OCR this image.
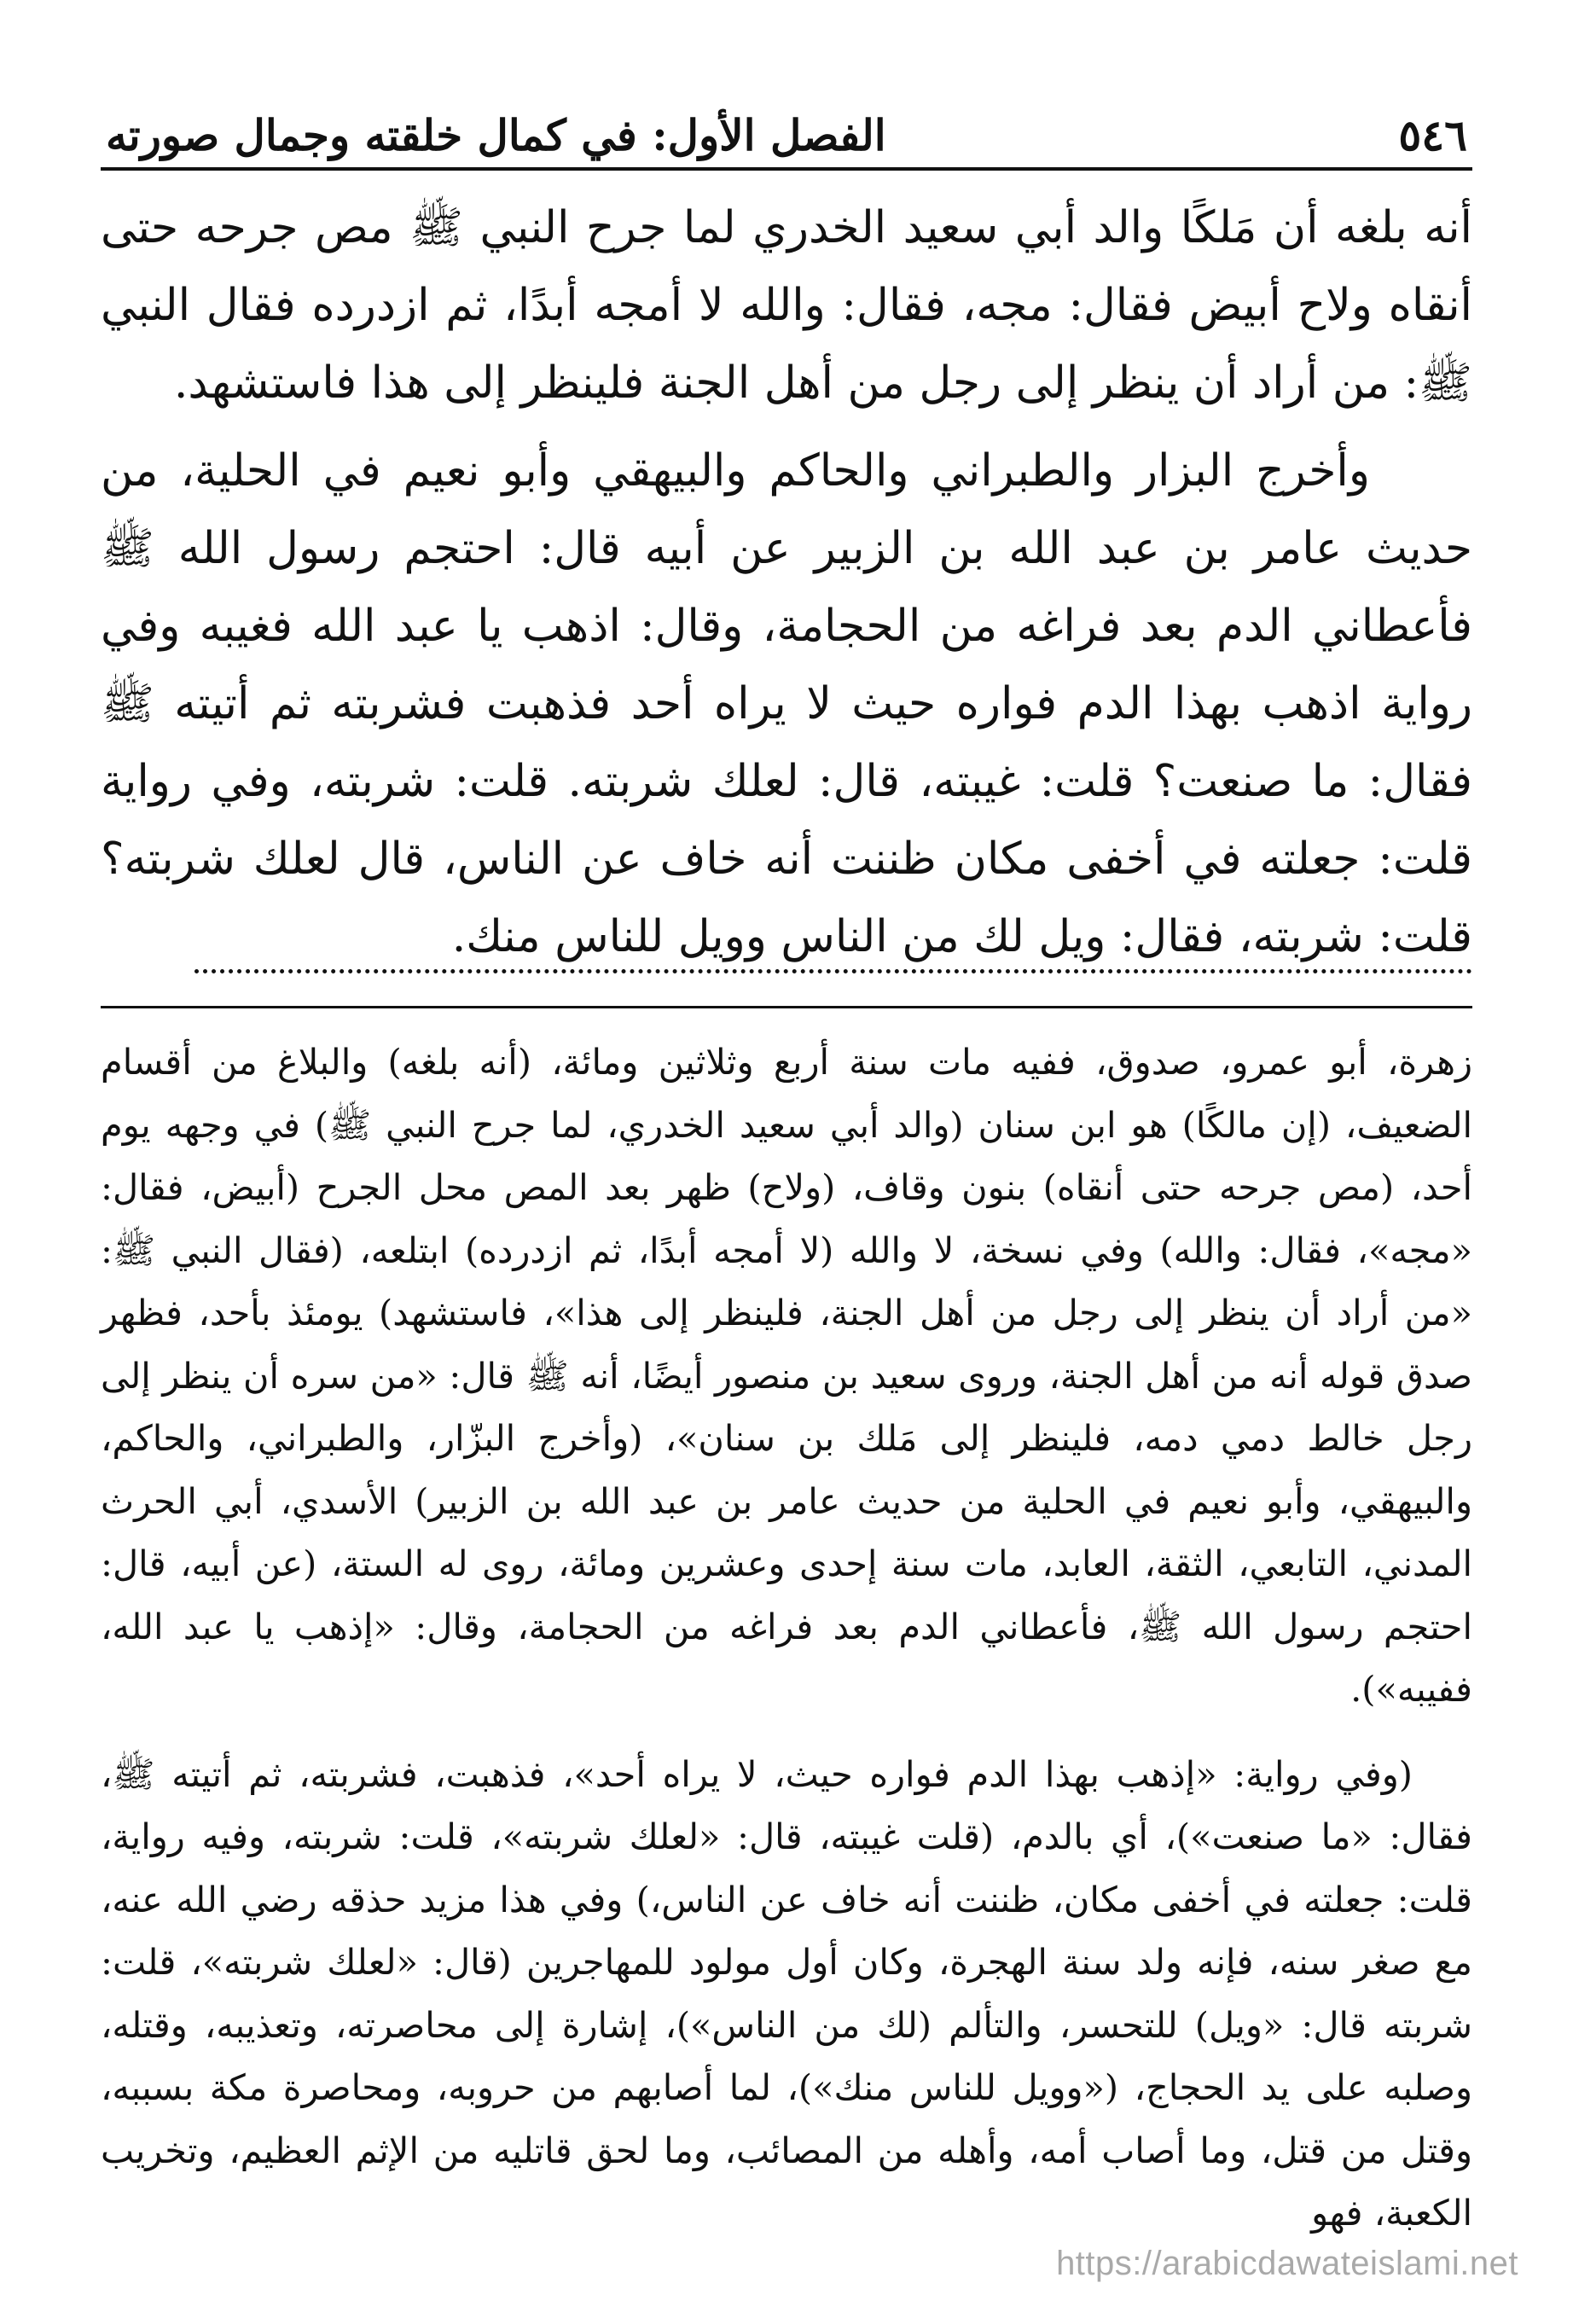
٥٤٦
الفصل الأول: في كمال خلقته وجمال صورته

أنه بلغه أن مَلكًا والد أبي سعيد الخدري لما جرح النبي ﷺ مص جرحه حتى أنقاه ولاح أبيض فقال: مجه، فقال: والله لا أمجه أبدًا، ثم ازدرده فقال النبي ﷺ: من أراد أن ينظر إلى رجل من أهل الجنة فلينظر إلى هذا فاستشهد.

وأخرج البزار والطبراني والحاكم والبيهقي وأبو نعيم في الحلية، من حديث عامر بن عبد الله بن الزبير عن أبيه قال: احتجم رسول الله ﷺ فأعطاني الدم بعد فراغه من الحجامة، وقال: اذهب يا عبد الله فغيبه وفي رواية اذهب بهذا الدم فواره حيث لا يراه أحد فذهبت فشربته ثم أتيته ﷺ فقال: ما صنعت؟ قلت: غيبته، قال: لعلك شربته. قلت: شربته، وفي رواية قلت: جعلته في أخفى مكان ظننت أنه خاف عن الناس، قال لعلك شربته؟ قلت: شربته، فقال: ويل لك من الناس وويل للناس منك.

زهرة، أبو عمرو، صدوق، ففيه مات سنة أربع وثلاثين ومائة، (أنه بلغه) والبلاغ من أقسام الضعيف، (إن مالكًا) هو ابن سنان (والد أبي سعيد الخدري، لما جرح النبي ﷺ) في وجهه يوم أحد، (مص جرحه حتى أنقاه) بنون وقاف، (ولاح) ظهر بعد المص محل الجرح (أبيض، فقال: «مجه»، فقال: والله) وفي نسخة، لا والله (لا أمجه أبدًا، ثم ازدرده) ابتلعه، (فقال النبي ﷺ: «من أراد أن ينظر إلى رجل من أهل الجنة، فلينظر إلى هذا»، فاستشهد) يومئذ بأحد، فظهر صدق قوله أنه من أهل الجنة، وروى سعيد بن منصور أيضًا، أنه ﷺ قال: «من سره أن ينظر إلى رجل خالط دمي دمه، فلينظر إلى مَلك بن سنان»، (وأخرج البزّار، والطبراني، والحاكم، والبيهقي، وأبو نعيم في الحلية من حديث عامر بن عبد الله بن الزبير) الأسدي، أبي الحرث المدني، التابعي، الثقة، العابد، مات سنة إحدى وعشرين ومائة، روى له الستة، (عن أبيه، قال: احتجم رسول الله ﷺ، فأعطاني الدم بعد فراغه من الحجامة، وقال: «إذهب يا عبد الله، ففيبه»).

(وفي رواية: «إذهب بهذا الدم فواره حيث، لا يراه أحد»، فذهبت، فشربته، ثم أتيته ﷺ، فقال: «ما صنعت»)، أي بالدم، (قلت غيبته، قال: «لعلك شربته»، قلت: شربته، وفيه رواية، قلت: جعلته في أخفى مكان، ظننت أنه خاف عن الناس،) وفي هذا مزيد حذقه رضي الله عنه، مع صغر سنه، فإنه ولد سنة الهجرة، وكان أول مولود للمهاجرين (قال: «لعلك شربته»، قلت: شربته قال: «ويل) للتحسر، والتألم (لك من الناس»)، إشارة إلى محاصرته، وتعذيبه، وقتله، وصلبه على يد الحجاج، («وويل للناس منك»)، لما أصابهم من حروبه، ومحاصرة مكة بسببه، وقتل من قتل، وما أصاب أمه، وأهله من المصائب، وما لحق قاتليه من الإثم العظيم، وتخريب الكعبة، فهو

https://arabicdawateislami.net
